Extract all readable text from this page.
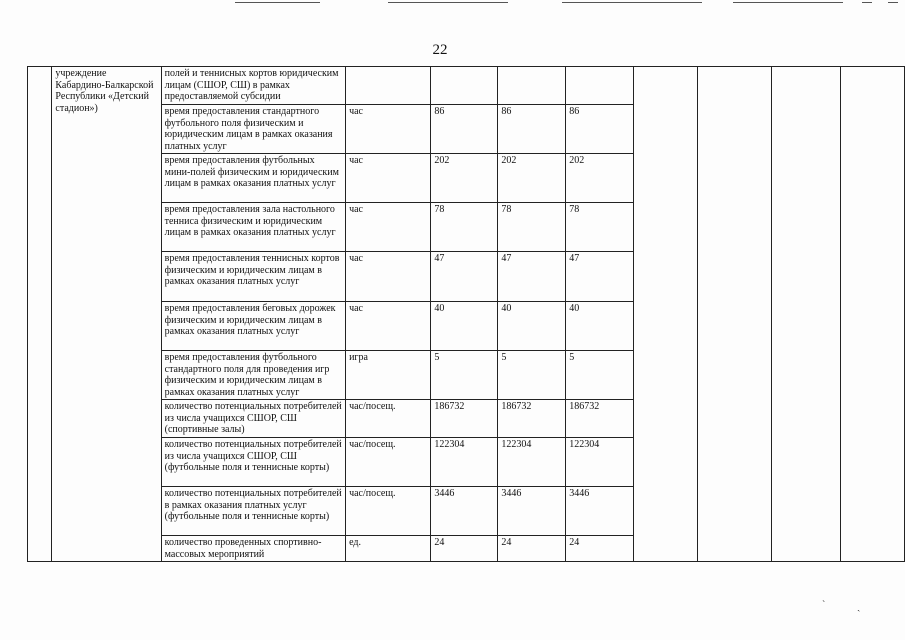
22
	учреждение Кабардино-Балкарской Республики «Детский стадион»)	полей и теннисных кортов юридическим лицам (СШОР, СШ) в рамках предоставляемой субсидии								
		время предоставления стандартного футбольного поля физическим и юридическим лицам в рамках оказания платных услуг	час	86	86	86				
		время предоставления футбольных мини-полей физическим и юридическим лицам в рамках оказания платных услуг	час	202	202	202				
		время предоставления зала настольного тенниса физическим и юридическим лицам в рамках оказания платных услуг	час	78	78	78				
		время предоставления теннисных кортов физическим и юридическим лицам в рамках оказания платных услуг	час	47	47	47				
		время предоставления беговых дорожек физическим и юридическим лицам в рамках оказания платных услуг	час	40	40	40				
		время предоставления футбольного стандартного поля для проведения игр физическим и юридическим лицам в рамках оказания платных услуг	игра	5	5	5				
		количество потенциальных потребителей из числа учащихся СШОР, СШ (спортивные залы)	час/посещ.	186732	186732	186732				
		количество потенциальных потребителей из числа учащихся СШОР, СШ (футбольные поля и теннисные корты)	час/посещ.	122304	122304	122304				
		количество потенциальных потребителей в рамках оказания платных услуг (футбольные поля и теннисные корты)	час/посещ.	3446	3446	3446				
		количество проведенных спортивно-массовых мероприятий	ед.	24	24	24				
ˋ	ˏ
